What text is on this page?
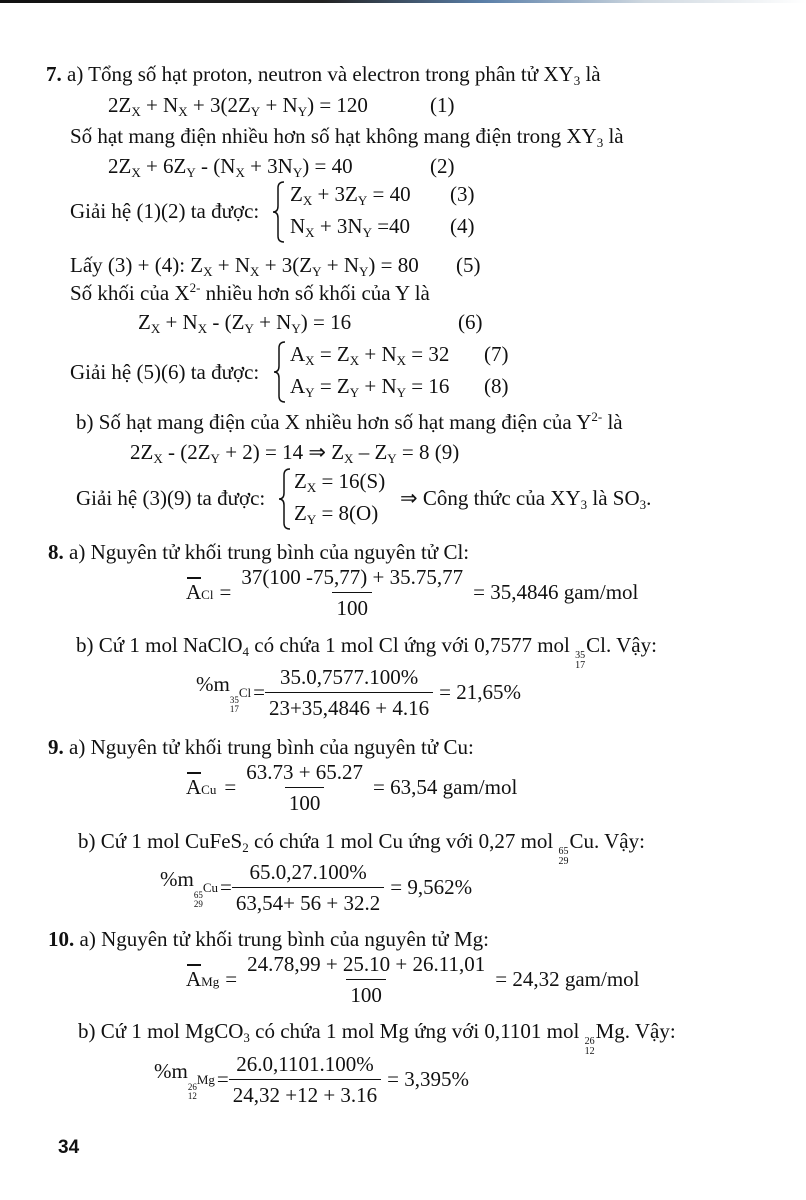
7. a) Tổng số hạt proton, neutron và electron trong phân tử $XY_3$ là
$2Z_X + N_X + 3(2Z_Y + N_Y) = 120$	(1)
Số hạt mang điện nhiều hơn số hạt không mang điện trong $XY_3$ là
$2Z_X + 6Z_Y - (N_X + 3N_Y) = 40$	(2)
Giải hệ (1)(2) ta được:
$Z_X + 3Z_Y = 40$
$N_X + 3N_Y =40$
(3)
(4)
Lấy (3) + (4): $Z_X + N_X + 3(Z_Y + N_Y) = 80$ (5)
Số khối của $X^{2-}$ nhiều hơn số khối của Y là
$Z_X + N_X - (Z_Y + N_Y) = 16$	(6)
Giải hệ (5)(6) ta được:
$A_X = Z_X + N_X = 32$
$A_Y = Z_Y + N_Y = 16$
(7)
(8)
b) Số hạt mang điện của X nhiều hơn số hạt mang điện của $Y^{2-}$ là
$2Z_X - (2Z_Y + 2) = 14$ ⇒ $Z_X - Z_Y = 8$ (9)
Giải hệ (3)(9) ta được:
$Z_X = 16(S)$
$Z_Y = 8(O)$
⇒ Công thức của $XY_3$ là $SO_3$.
8. a) Nguyên tử khối trung bình của nguyên tử Cl:
ACl = $\frac{37(100 -75,77) + 35.75,77}{100} = 35,4846$ gam/mol
b) Cứ 1 mol NaClO$_4$ có chứa 1 mol Cl ứng với 0,7577 mol 35
17
Cl. Vậy:
%m
35
17
$_{Cl} = \frac{35.0,7577.100\%}{23+35,4846 + 4.16} = 21,65\%$
9. a) Nguyên tử khối trung bình của nguyên tử Cu:
ACu = $\frac{63.73 + 65.27}{100} = 63,54$ gam/mol
b) Cứ 1 mol CuFeS$_2$ có chứa 1 mol Cu ứng với 0,27 mol 65
29
Cu. Vậy:
%m
65
29
$_{Cu} = \frac{65.0,27.100\%}{63,54+ 56 + 32.2} = 9,562\%$
10. a) Nguyên tử khối trung bình của nguyên tử Mg:
AMg = $\frac{24.78,99 + 25.10 + 26.11,01}{100} = 24,32$ gam/mol
b) Cứ 1 mol MgCO$_3$ có chứa 1 mol Mg ứng với 0,1101 mol 26
12
Mg. Vậy:
%m
26
12
$_{Mg} = \frac{26.0,1101.100\%}{24,32 +12 + 3.16} = 3,395\%$
34
